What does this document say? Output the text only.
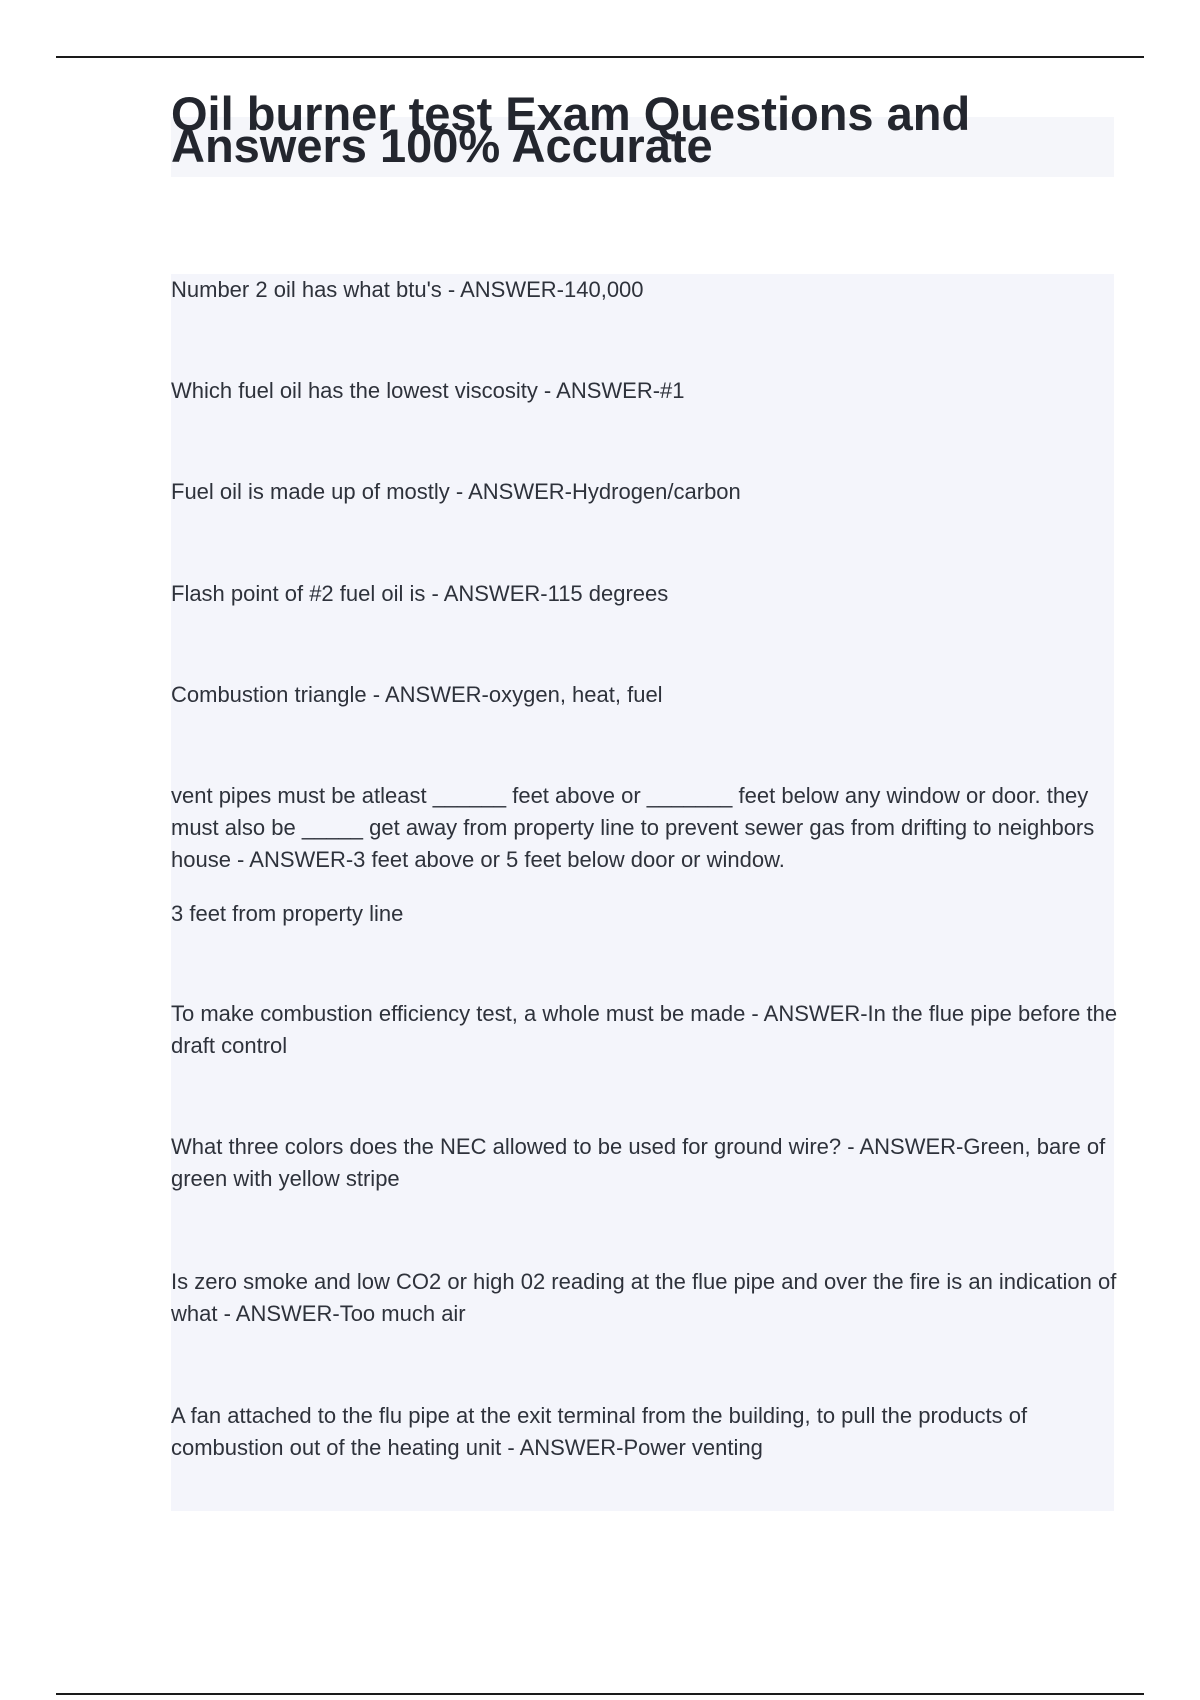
Oil burner test Exam Questions and Answers 100% Accurate

Number 2 oil has what btu's - ANSWER-140,000

Which fuel oil has the lowest viscosity - ANSWER-#1

Fuel oil is made up of mostly - ANSWER-Hydrogen/carbon

Flash point of #2 fuel oil is - ANSWER-115 degrees

Combustion triangle - ANSWER-oxygen, heat, fuel

vent pipes must be atleast ______ feet above or _______ feet below any window or door. they must also be _____ get away from property line to prevent sewer gas from drifting to neighbors house - ANSWER-3 feet above or 5 feet below door or window.

3 feet from property line

To make combustion efficiency test, a whole must be made - ANSWER-In the flue pipe before the draft control

What three colors does the NEC allowed to be used for ground wire? - ANSWER-Green, bare of green with yellow stripe

Is zero smoke and low CO2 or high 02 reading at the flue pipe and over the fire is an indication of what - ANSWER-Too much air

A fan attached to the flu pipe at the exit terminal from the building, to pull the products of combustion out of the heating unit - ANSWER-Power venting
